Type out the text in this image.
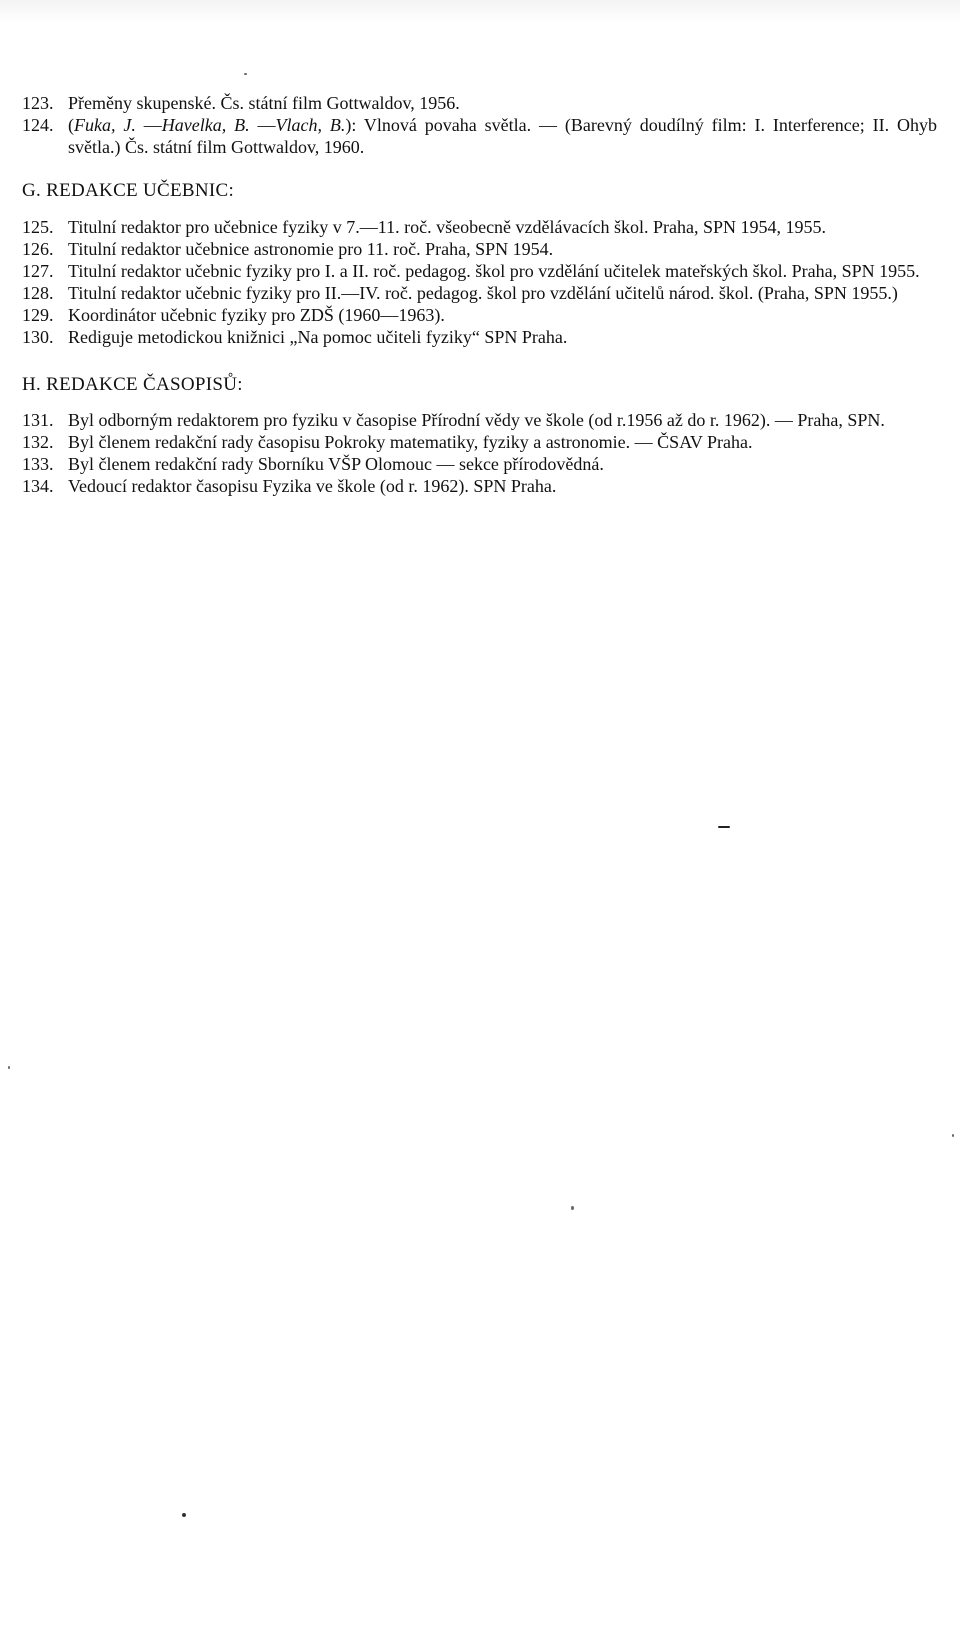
123. Přeměny skupenské. Čs. státní film Gottwaldov, 1956.
124. (Fuka, J. —Havelka, B. —Vlach, B.): Vlnová povaha světla. — (Barevný doudílný film: I. Interference; II. Ohyb světla.) Čs. státní film Gottwaldov, 1960.
G. REDAKCE UČEBNIC:
125. Titulní redaktor pro učebnice fyziky v 7.—11. roč. všeobecně vzdělávacích škol. Praha, SPN 1954, 1955.
126. Titulní redaktor učebnice astronomie pro 11. roč. Praha, SPN 1954.
127. Titulní redaktor učebnic fyziky pro I. a II. roč. pedagog. škol pro vzdělání učitelek mateřských škol. Praha, SPN 1955.
128. Titulní redaktor učebnic fyziky pro II.—IV. roč. pedagog. škol pro vzdělání učitelů národ. škol. (Praha, SPN 1955.)
129. Koordinátor učebnic fyziky pro ZDŠ (1960—1963).
130. Rediguje metodickou knižnici „Na pomoc učiteli fyziky“ SPN Praha.
H. REDAKCE ČASOPISŮ:
131. Byl odborným redaktorem pro fyziku v časopise Přírodní vědy ve škole (od r.1956 až do r. 1962). — Praha, SPN.
132. Byl členem redakční rady časopisu Pokroky matematiky, fyziky a astronomie. — ČSAV Praha.
133. Byl členem redakční rady Sborníku VŠP Olomouc — sekce přírodovědná.
134. Vedoucí redaktor časopisu Fyzika ve škole (od r. 1962). SPN Praha.
